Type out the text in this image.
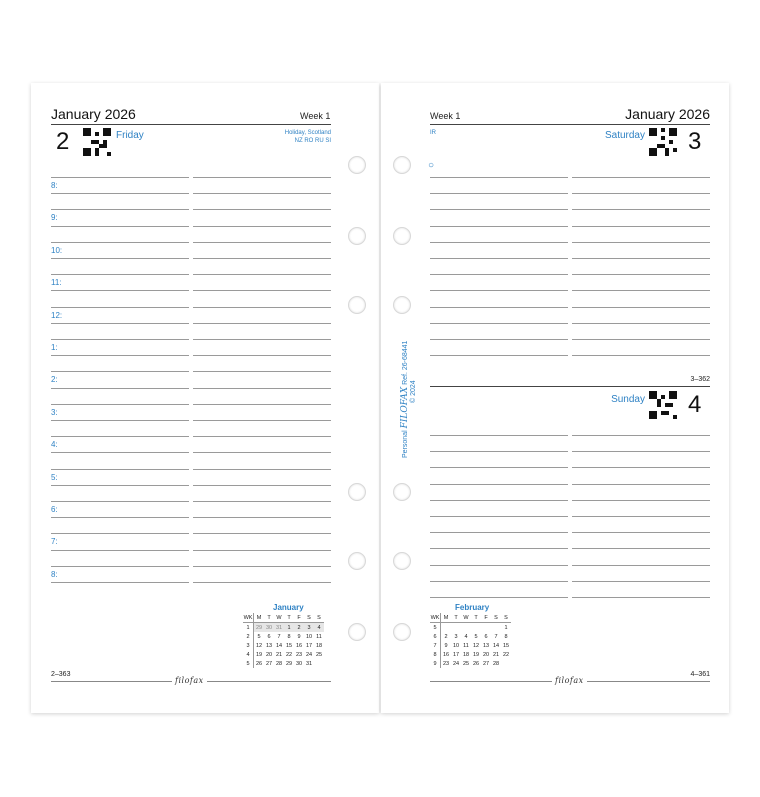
January 2026	Week 1
2	Friday	Holiday, Scotland
NZ RO RU SI
8:
9:
10:
11:
12:
1:
2:
3:
4:
5:
6:
7:
8:
January
WK	M	T	W	T	F	S	S
1	29	30	31	1	2	3	4
2	5	6	7	8	9	10	11
3	12	13	14	15	16	17	18
4	19	20	21	22	23	24	25
5	26	27	28	29	30	31	
2–363
filofax
Week 1	January 2026
IR
○
Saturday 3
3–362
Sunday 4
February
WK	M	T	W	T	F	S	S
5							1
6	2	3	4	5	6	7	8
7	9	10	11	12	13	14	15
8	16	17	18	19	20	21	22
9	23	24	25	26	27	28	
4–361
filofax
Personal FILOFAX Ref. 26-68441
© 2024
